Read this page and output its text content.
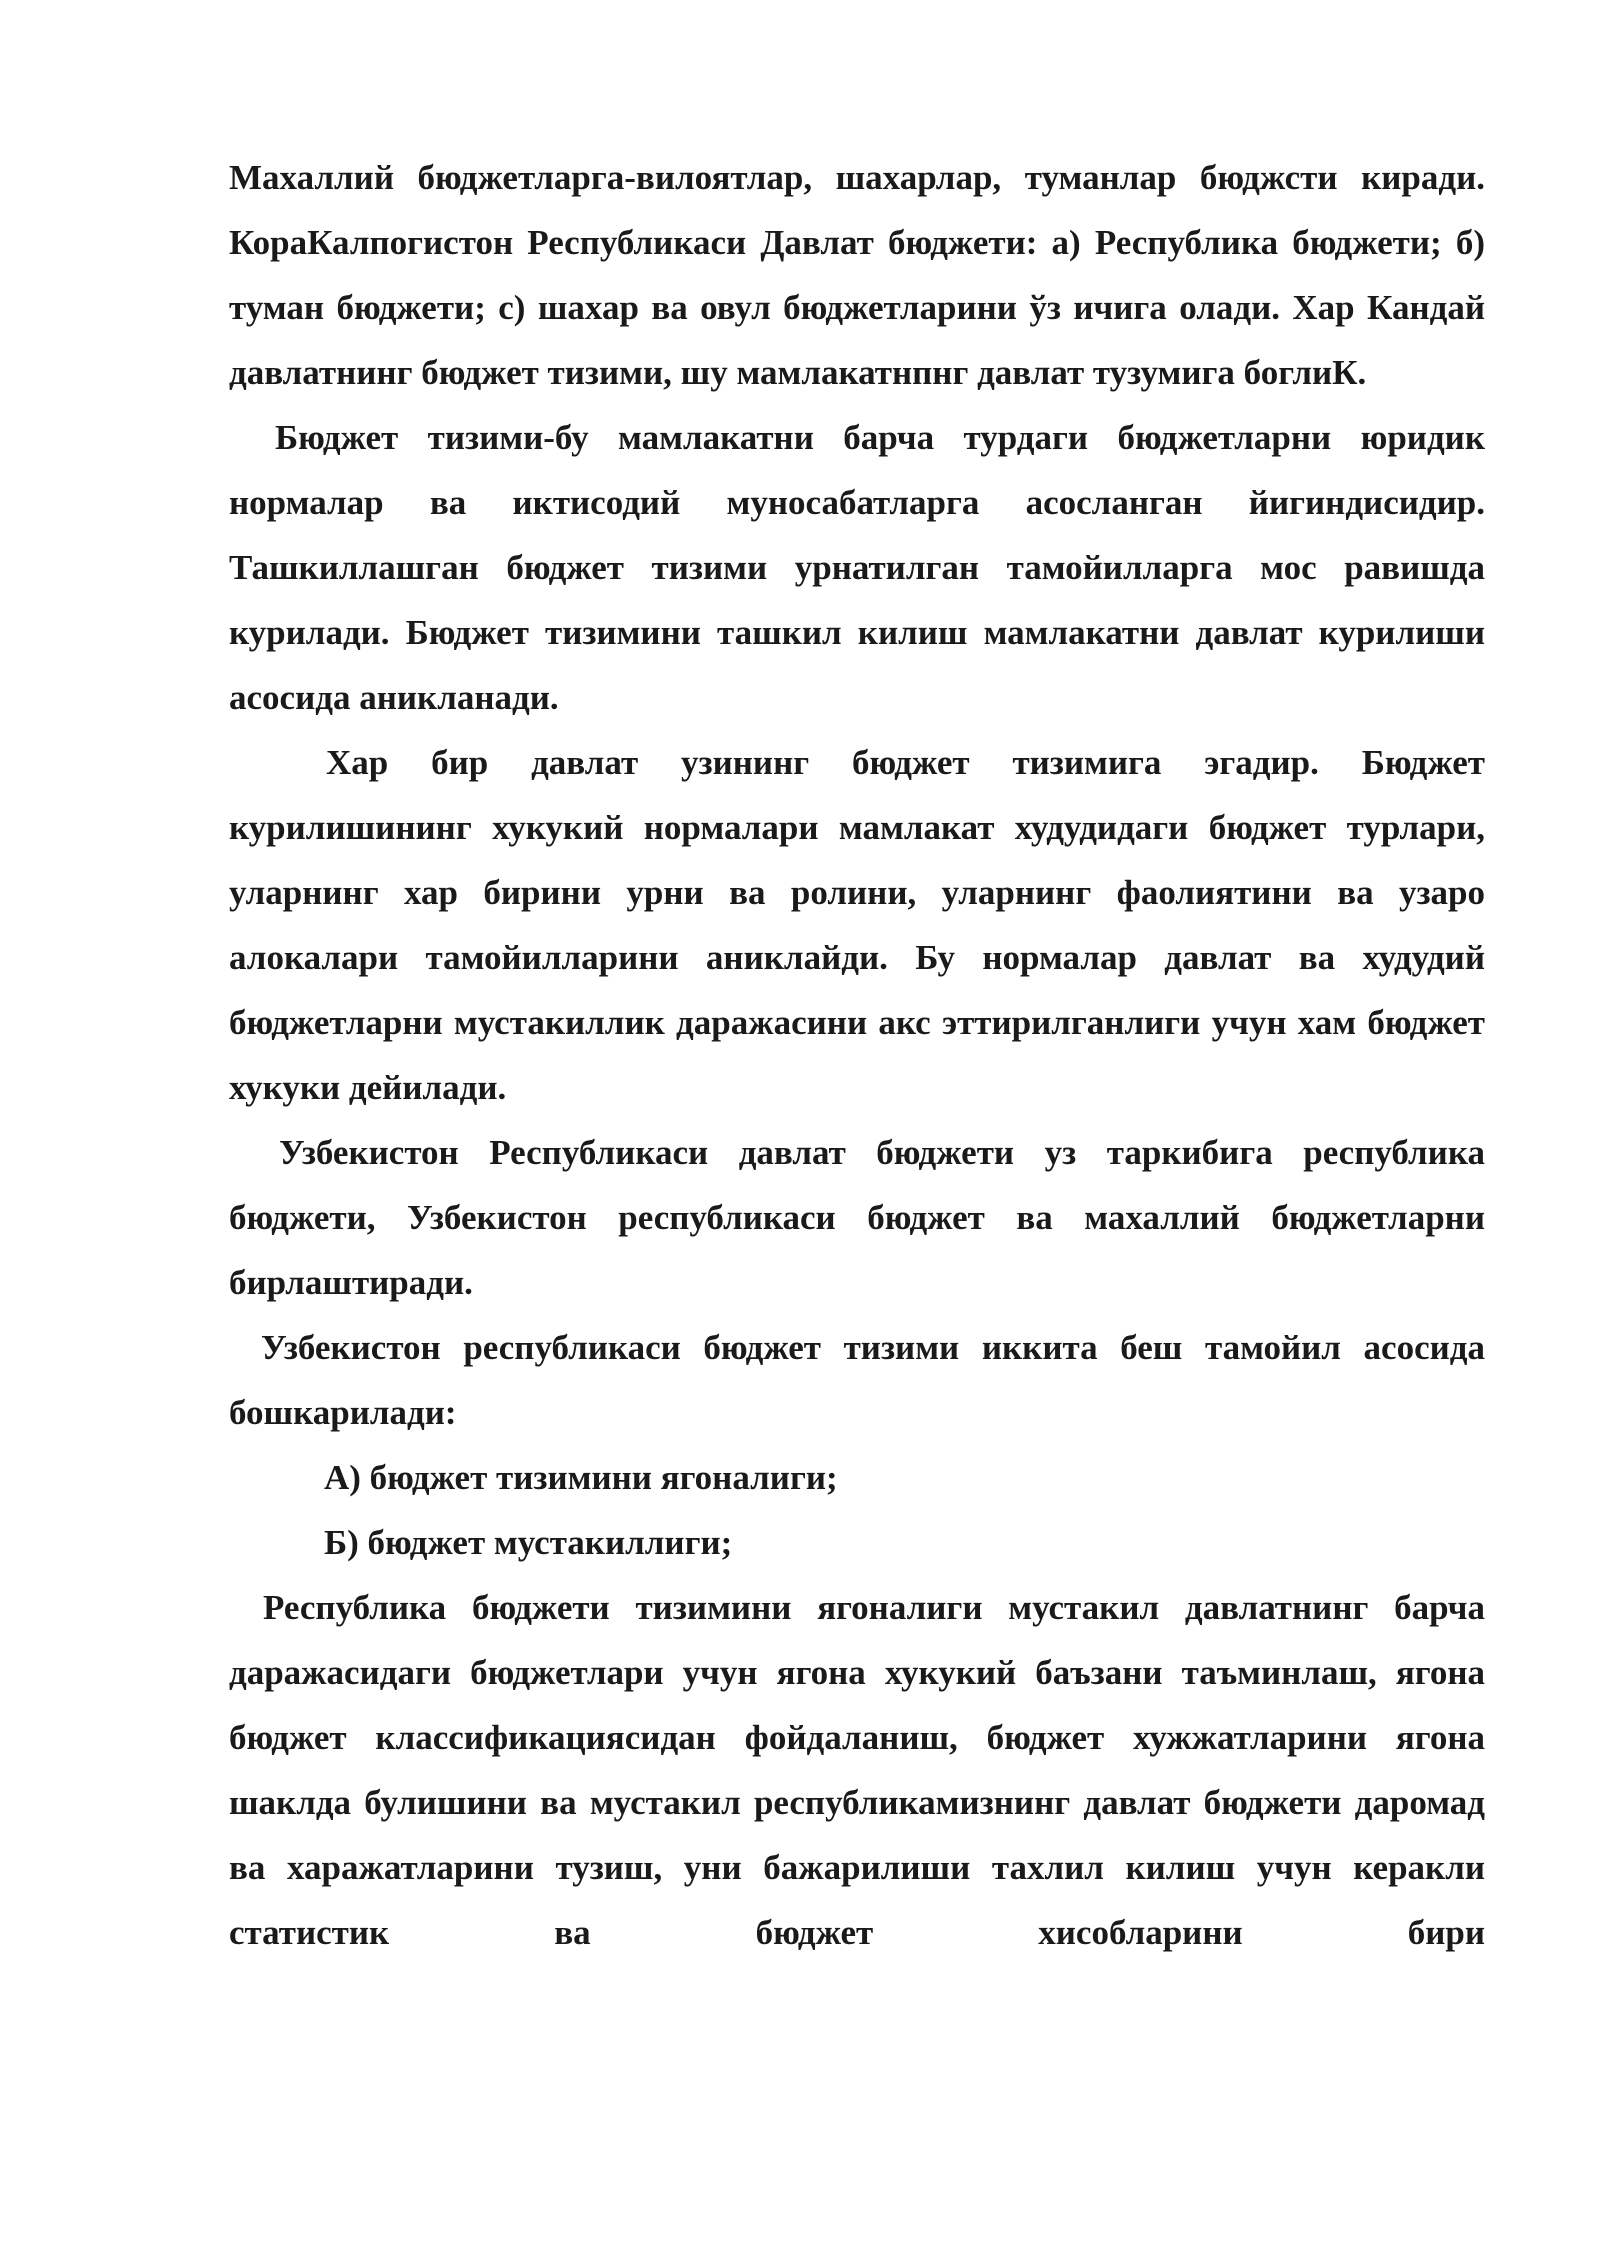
Махаллий бюджетларга-вилоятлар, шахарлар, туманлар бюджсти киради. КораКалпогистон Республикаси Давлат бюджети: а) Республика бюджети; б) туман бюджети; с) шахар ва овул бюджетларини ўз ичига олади. Хар Кандай давлатнинг бюджет тизими, шу мамлакатнпнг давлат тузумига боглиК.

Бюджет тизими-бу мамлакатни барча турдаги бюджетларни юридик нормалар ва иктисодий муносабатларга асосланган йигиндисидир. Ташкиллашган бюджет тизими урнатилган тамойилларга мос равишда курилади. Бюджет тизимини ташкил килиш мамлакатни давлат курилиши асосида аникланади.

Хар бир давлат узининг бюджет тизимига эгадир. Бюджет курилишининг хукукий нормалари мамлакат худудидаги бюджет турлари, уларнинг хар бирини урни ва ролини, уларнинг фаолиятини ва узаро алокалари тамойилларини аниклайди. Бу нормалар давлат ва худудий бюджетларни мустакиллик даражасини акс эттирилганлиги учун хам бюджет хукуки дейилади.

Узбекистон Республикаси давлат бюджети уз таркибига республика бюджети, Узбекистон республикаси бюджет ва махаллий бюджетларни бирлаштиради.

Узбекистон республикаси бюджет тизими иккита беш тамойил асосида бошкарилади:

А) бюджет тизимини ягоналиги;

Б) бюджет мустакиллиги;

Республика бюджети тизимини ягоналиги мустакил давлатнинг барча даражасидаги бюджетлари учун ягона хукукий баъзани таъминлаш, ягона бюджет классификациясидан фойдаланиш, бюджет хужжатларини ягона шаклда булишини ва мустакил республикамизнинг давлат бюджети даромад ва харажатларини тузиш, уни бажарилиши тахлил килиш учун керакли статистик ва бюджет хисобларини бири
